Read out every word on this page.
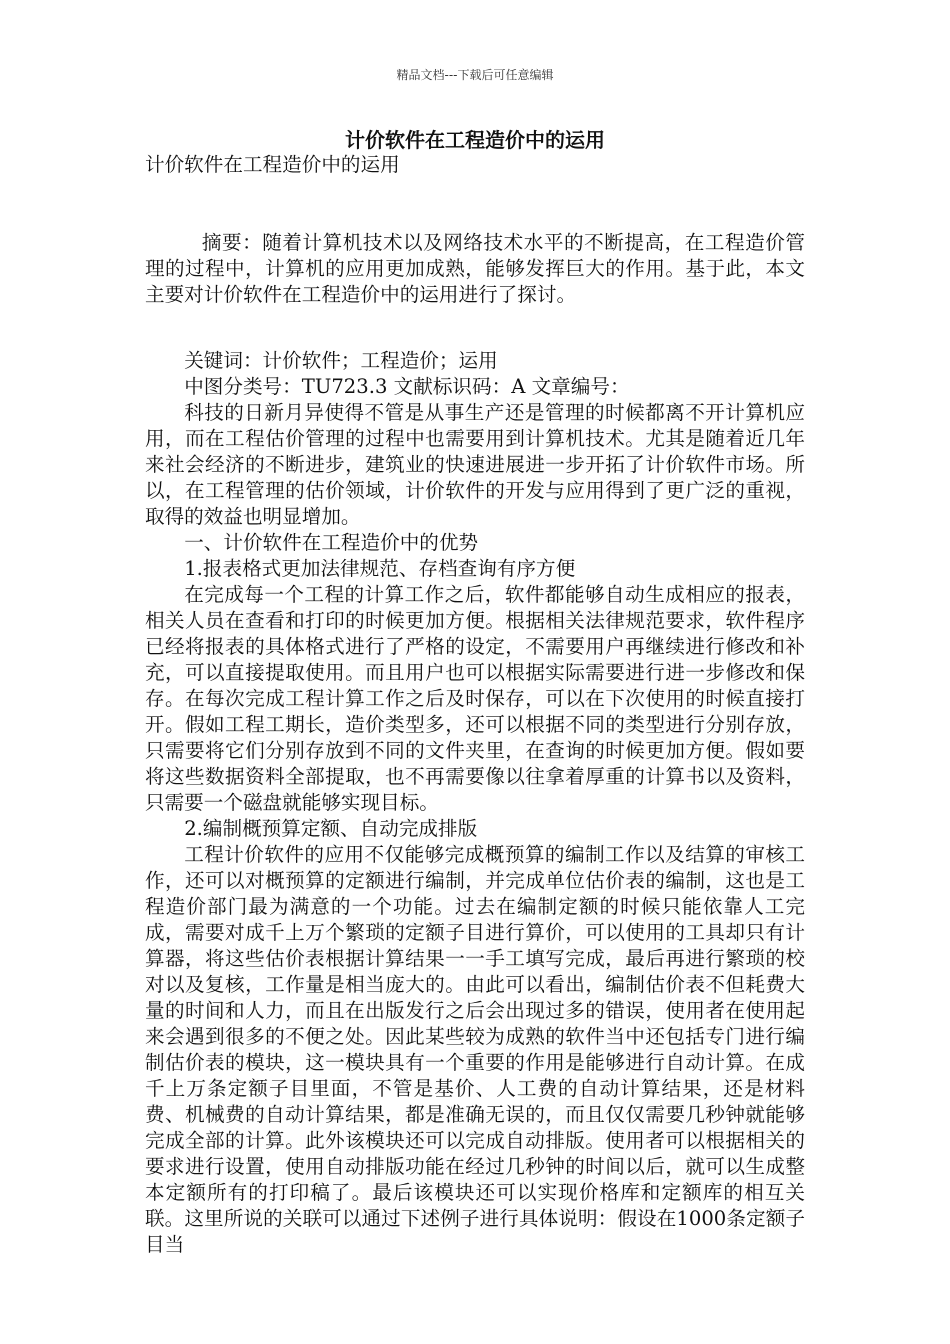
精品文档---下载后可任意编辑
计价软件在工程造价中的运用

计价软件在工程造价中的运用

摘要：随着计算机技术以及网络技术水平的不断提高，在工程造价管理的过程中，计算机的应用更加成熟，能够发挥巨大的作用。基于此，本文主要对计价软件在工程造价中的运用进行了探讨。

关键词：计价软件；工程造价；运用

中图分类号：TU723.3 文献标识码：A 文章编号：

科技的日新月异使得不管是从事生产还是管理的时候都离不开计算机应用，而在工程估价管理的过程中也需要用到计算机技术。尤其是随着近几年来社会经济的不断进步，建筑业的快速进展进一步开拓了计价软件市场。所以，在工程管理的估价领域，计价软件的开发与应用得到了更广泛的重视，取得的效益也明显增加。

一、计价软件在工程造价中的优势

1.报表格式更加法律规范、存档查询有序方便

在完成每一个工程的计算工作之后，软件都能够自动生成相应的报表，相关人员在查看和打印的时候更加方便。根据相关法律规范要求，软件程序已经将报表的具体格式进行了严格的设定，不需要用户再继续进行修改和补充，可以直接提取使用。而且用户也可以根据实际需要进行进一步修改和保存。在每次完成工程计算工作之后及时保存，可以在下次使用的时候直接打开。假如工程工期长，造价类型多，还可以根据不同的类型进行分别存放，只需要将它们分别存放到不同的文件夹里，在查询的时候更加方便。假如要将这些数据资料全部提取，也不再需要像以往拿着厚重的计算书以及资料，只需要一个磁盘就能够实现目标。

2.编制概预算定额、自动完成排版

工程计价软件的应用不仅能够完成概预算的编制工作以及结算的审核工作，还可以对概预算的定额进行编制，并完成单位估价表的编制，这也是工程造价部门最为满意的一个功能。过去在编制定额的时候只能依靠人工完成，需要对成千上万个繁琐的定额子目进行算价，可以使用的工具却只有计算器，将这些估价表根据计算结果一一手工填写完成，最后再进行繁琐的校对以及复核，工作量是相当庞大的。由此可以看出，编制估价表不但耗费大量的时间和人力，而且在出版发行之后会出现过多的错误，使用者在使用起来会遇到很多的不便之处。因此某些较为成熟的软件当中还包括专门进行编制估价表的模块，这一模块具有一个重要的作用是能够进行自动计算。在成千上万条定额子目里面，不管是基价、人工费的自动计算结果，还是材料费、机械费的自动计算结果，都是准确无误的，而且仅仅需要几秒钟就能够完成全部的计算。此外该模块还可以完成自动排版。使用者可以根据相关的要求进行设置，使用自动排版功能在经过几秒钟的时间以后，就可以生成整本定额所有的打印稿了。最后该模块还可以实现价格库和定额库的相互关联。这里所说的关联可以通过下述例子进行具体说明：假设在1000条定额子目当
